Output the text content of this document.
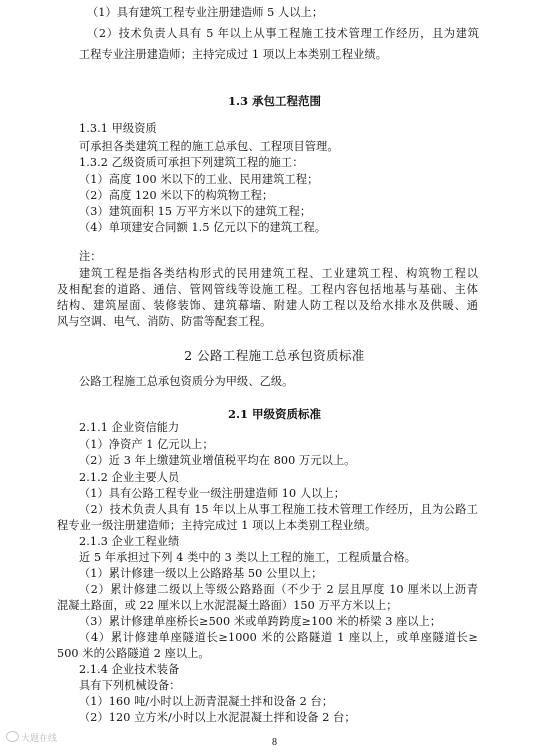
（1）具有建筑工程专业注册建造师 5 人以上；
（2）技术负责人具有 5 年以上从事工程施工技术管理工作经历，且为建筑
工程专业注册建造师；主持完成过 1 项以上本类别工程业绩。
1.3 承包工程范围
1.3.1 甲级资质
可承担各类建筑工程的施工总承包、工程项目管理。
1.3.2 乙级资质可承担下列建筑工程的施工：
（1）高度 100 米以下的工业、民用建筑工程；
（2）高度 120 米以下的构筑物工程；
（3）建筑面积 15 万平方米以下的建筑工程；
（4）单项建安合同额 1.5 亿元以下的建筑工程。
注：
建筑工程是指各类结构形式的民用建筑工程、工业建筑工程、构筑物工程以
及相配套的道路、通信、管网管线等设施工程。工程内容包括地基与基础、主体
结构、建筑屋面、装修装饰、建筑幕墙、附建人防工程以及给水排水及供暖、通
风与空调、电气、消防、防雷等配套工程。
2 公路工程施工总承包资质标准
公路工程施工总承包资质分为甲级、乙级。
2.1 甲级资质标准
2.1.1 企业资信能力
（1）净资产 1 亿元以上；
（2）近 3 年上缴建筑业增值税平均在 800 万元以上。
2.1.2 企业主要人员
（1）具有公路工程专业一级注册建造师 10 人以上；
（2）技术负责人具有 15 年以上从事工程施工技术管理工作经历，且为公路工
程专业一级注册建造师；主持完成过 1 项以上本类别工程业绩。
2.1.3 企业工程业绩
近 5 年承担过下列 4 类中的 3 类以上工程的施工，工程质量合格。
（1）累计修建一级以上公路路基 50 公里以上；
（2）累计修建二级以上等级公路路面（不少于 2 层且厚度 10 厘米以上沥青
混凝土路面，或 22 厘米以上水泥混凝土路面）150 万平方米以上；
（3）累计修建单座桥长≥500 米或单跨跨度≥100 米的桥梁 3 座以上；
（4）累计修建单座隧道长≥1000 米的公路隧道 1 座以上，或单座隧道长≥
500 米的公路隧道 2 座以上。
2.1.4 企业技术装备
具有下列机械设备：
（1）160 吨/小时以上沥青混凝土拌和设备 2 台；
（2）120 立方米/小时以上水泥混凝土拌和设备 2 台；
大题在线	8
